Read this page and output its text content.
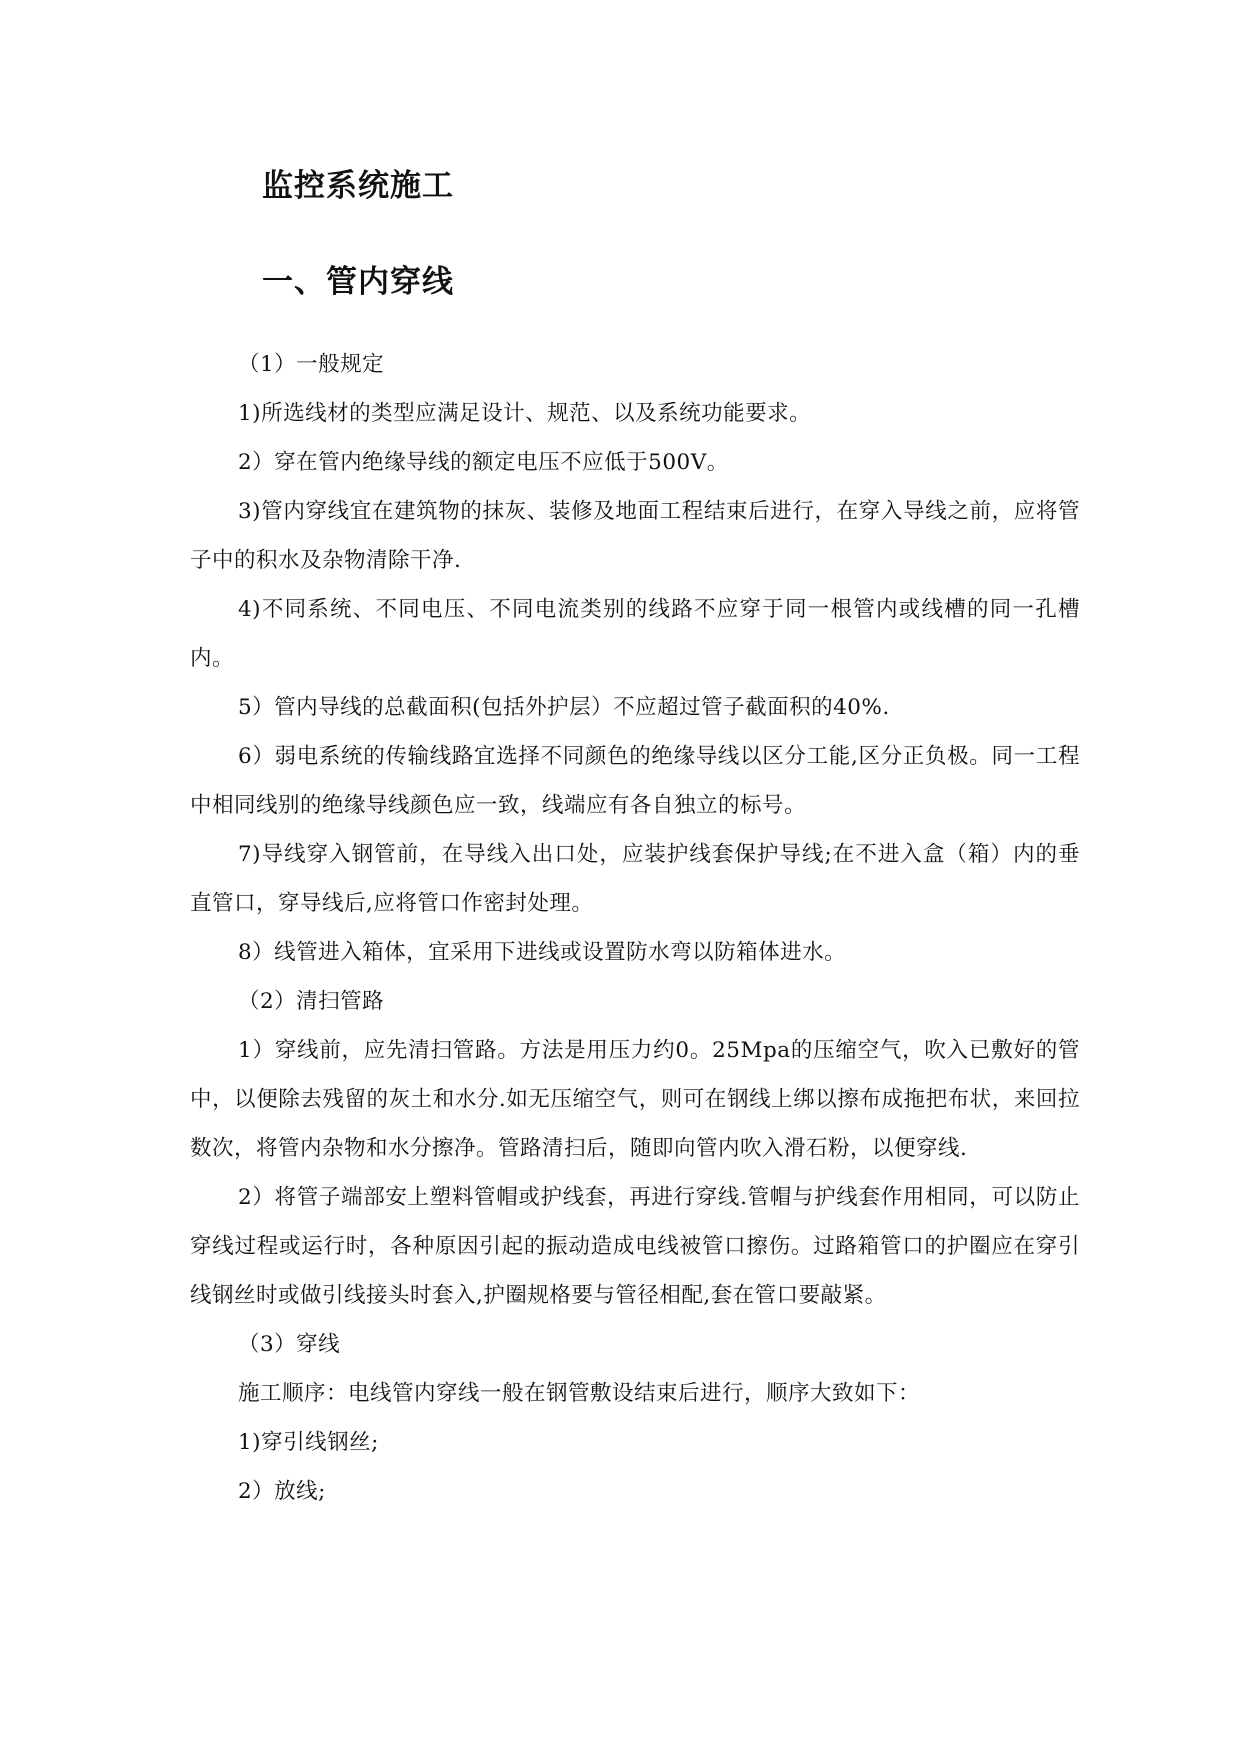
监控系统施工
一、管内穿线

（1）一般规定

1)所选线材的类型应满足设计、规范、以及系统功能要求。

2）穿在管内绝缘导线的额定电压不应低于500V。

3)管内穿线宜在建筑物的抹灰、装修及地面工程结束后进行，在穿入导线之前，应将管子中的积水及杂物清除干净.

4)不同系统、不同电压、不同电流类别的线路不应穿于同一根管内或线槽的同一孔槽内。

5）管内导线的总截面积(包括外护层）不应超过管子截面积的40%.

6）弱电系统的传输线路宜选择不同颜色的绝缘导线以区分工能,区分正负极。同一工程中相同线别的绝缘导线颜色应一致，线端应有各自独立的标号。

7)导线穿入钢管前，在导线入出口处，应装护线套保护导线;在不进入盒（箱）内的垂直管口，穿导线后,应将管口作密封处理。

8）线管进入箱体，宜采用下进线或设置防水弯以防箱体进水。

（2）清扫管路

1）穿线前，应先清扫管路。方法是用压力约0。25Mpa的压缩空气，吹入已敷好的管中，以便除去残留的灰土和水分.如无压缩空气，则可在钢线上绑以擦布成拖把布状，来回拉数次，将管内杂物和水分擦净。管路清扫后，随即向管内吹入滑石粉，以便穿线.

2）将管子端部安上塑料管帽或护线套，再进行穿线.管帽与护线套作用相同，可以防止穿线过程或运行时，各种原因引起的振动造成电线被管口擦伤。过路箱管口的护圈应在穿引线钢丝时或做引线接头时套入,护圈规格要与管径相配,套在管口要敲紧。

（3）穿线

施工顺序：电线管内穿线一般在钢管敷设结束后进行，顺序大致如下：

1)穿引线钢丝;

2）放线;
